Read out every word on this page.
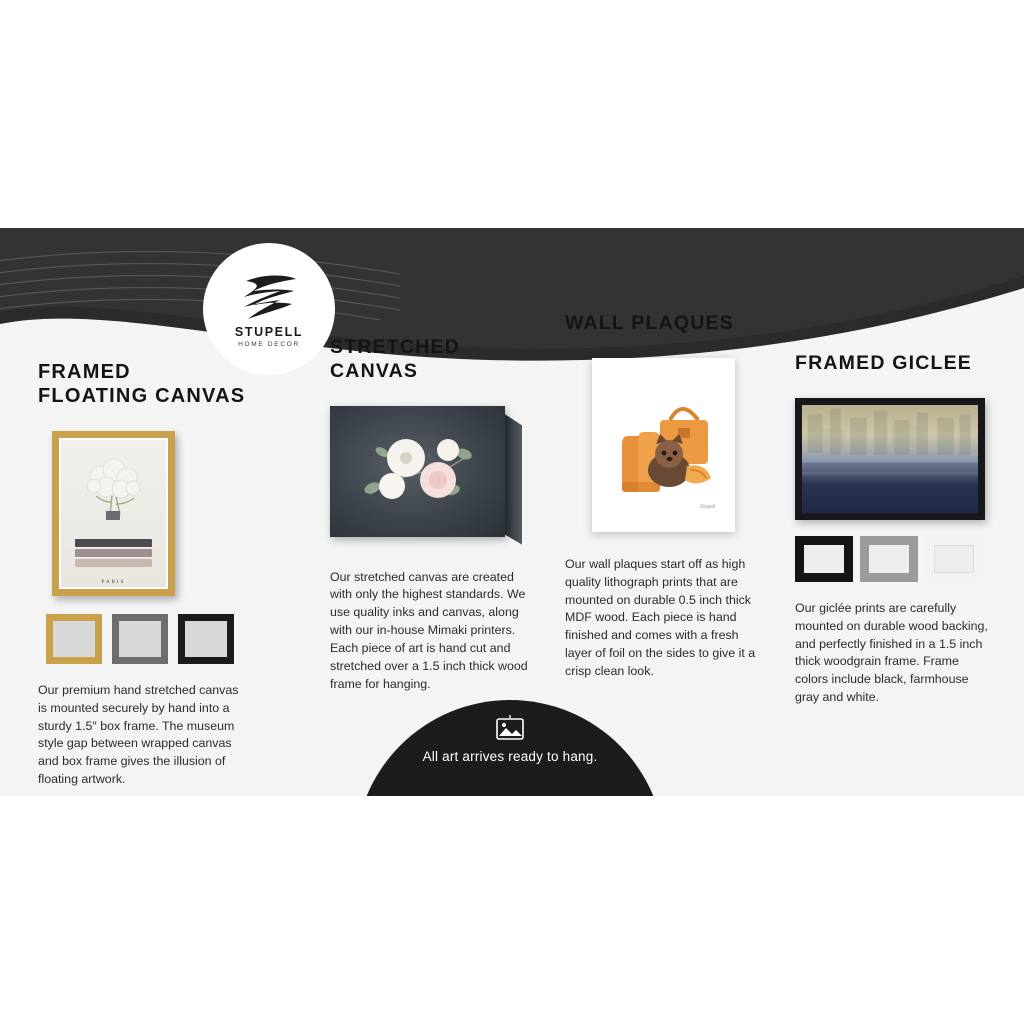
FRAMED
FLOATING CANVAS
PARIS
Our premium hand stretched canvas is mounted securely by hand into a sturdy 1.5″ box frame. The museum style gap between wrapped canvas and box frame gives the illusion of floating artwork.
STRETCHED
CANVAS
Our stretched canvas are created with only the highest standards. We use quality inks and canvas, along with our in-house Mimaki printers. Each piece of art is hand cut and stretched over a 1.5 inch thick wood frame for hanging.
WALL PLAQUES
Stupell
Our wall plaques start off as high quality lithograph prints that are mounted on durable 0.5 inch thick MDF wood. Each piece is hand finished and comes with a fresh layer of foil on the sides to give it a crisp clean look.
FRAMED GICLEE
Our giclée prints are carefully mounted on durable wood backing, and perfectly finished in a 1.5 inch thick woodgrain frame. Frame colors include black, farmhouse gray and white.
STUPELL
HOME DECOR
All art arrives ready to hang.
